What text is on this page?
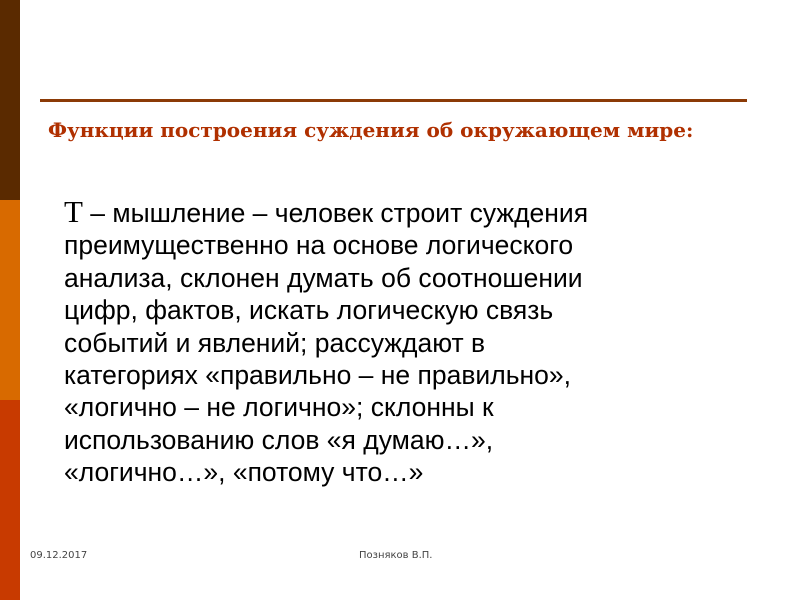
Функции построения суждения об окружающем мире:

Т – мышление – человек строит суждения
преимущественно на основе логического
анализа, склонен думать об соотношении
цифр, фактов, искать логическую связь
событий и явлений; рассуждают в
категориях «правильно – не правильно»,
«логично – не логично»; склонны к
использованию слов «я думаю…»,
«логично…», «потому что…»

09.12.2017	Позняков В.П.
